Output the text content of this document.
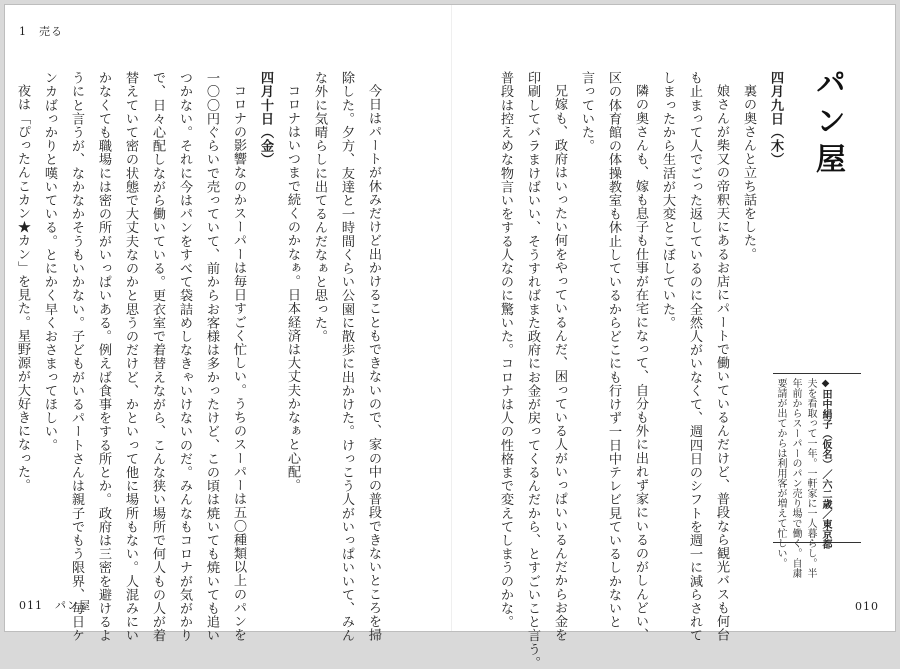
1　売る
パン屋

◆田中絹子（仮名）／六二歳／東京都

夫を看取って一年。一軒家に一人暮らし。半

年前からスーパーのパン売り場で働く。自粛

要請が出てからは利用客が増えて忙しい。

四月九日（木）

裏の奥さんと立ち話をした。

娘さんが柴又の帝釈天にあるお店にパートで働いているんだけど、普段なら観光バスも何台

も止まって人でごった返しているのに全然人がいなくて、週四日のシフトを週一に減らされて

しまったから生活が大変とこぼしていた。

隣の奥さんも、嫁も息子も仕事が在宅になって、自分も外に出れず家にいるのがしんどい、

区の体育館の体操教室も休止しているからどこにも行けず一日中テレビ見ているしかないと

言っていた。

兄嫁も、政府はいったい何をやっているんだ、困っている人がいっぱいいるんだからお金を

印刷してバラまけばいい、そうすればまた政府にお金が戻ってくるんだから、とすごいこと言う。

普段は控えめな物言いをする人なのに驚いた。コロナは人の性格まで変えてしまうのかな。

今日はパートが休みだけど出かけることもできないので、家の中の普段できないところを掃

除した。夕方、友達と一時間くらい公園に散歩に出かけた。けっこう人がいっぱいいて、みん

な外に気晴らしに出てるんだなぁと思った。

コロナはいつまで続くのかなぁ。日本経済は大丈夫かなぁと心配。

四月十日（金）

コロナの影響なのかスーパーは毎日すごく忙しい。うちのスーパーは五〇種類以上のパンを

一〇〇円ぐらいで売っていて、前からお客様は多かったけど、この頃は焼いても焼いても追い

つかない。それに今はパンをすべて袋詰めしなきゃいけないのだ。みんなもコロナが気がかり

で、日々心配しながら働いている。更衣室で着替えながら、こんな狭い場所で何人もの人が着

替えていて密の状態で大丈夫なのかと思うのだけど、かといって他に場所もない。人混みにい

かなくても職場には密の所がいっぱいある。例えば食事をする所とか。政府は三密を避けるよ

うにと言うが、なかなかそうもいかない。子どもがいるパートさんは親子でもう限界、毎日ケ

ンカばっかりと嘆いている。とにかく早くおさまってほしい。

夜は「ぴったんこカン★カン」を見た。星野源が大好きになった。

011　パン屋	010
